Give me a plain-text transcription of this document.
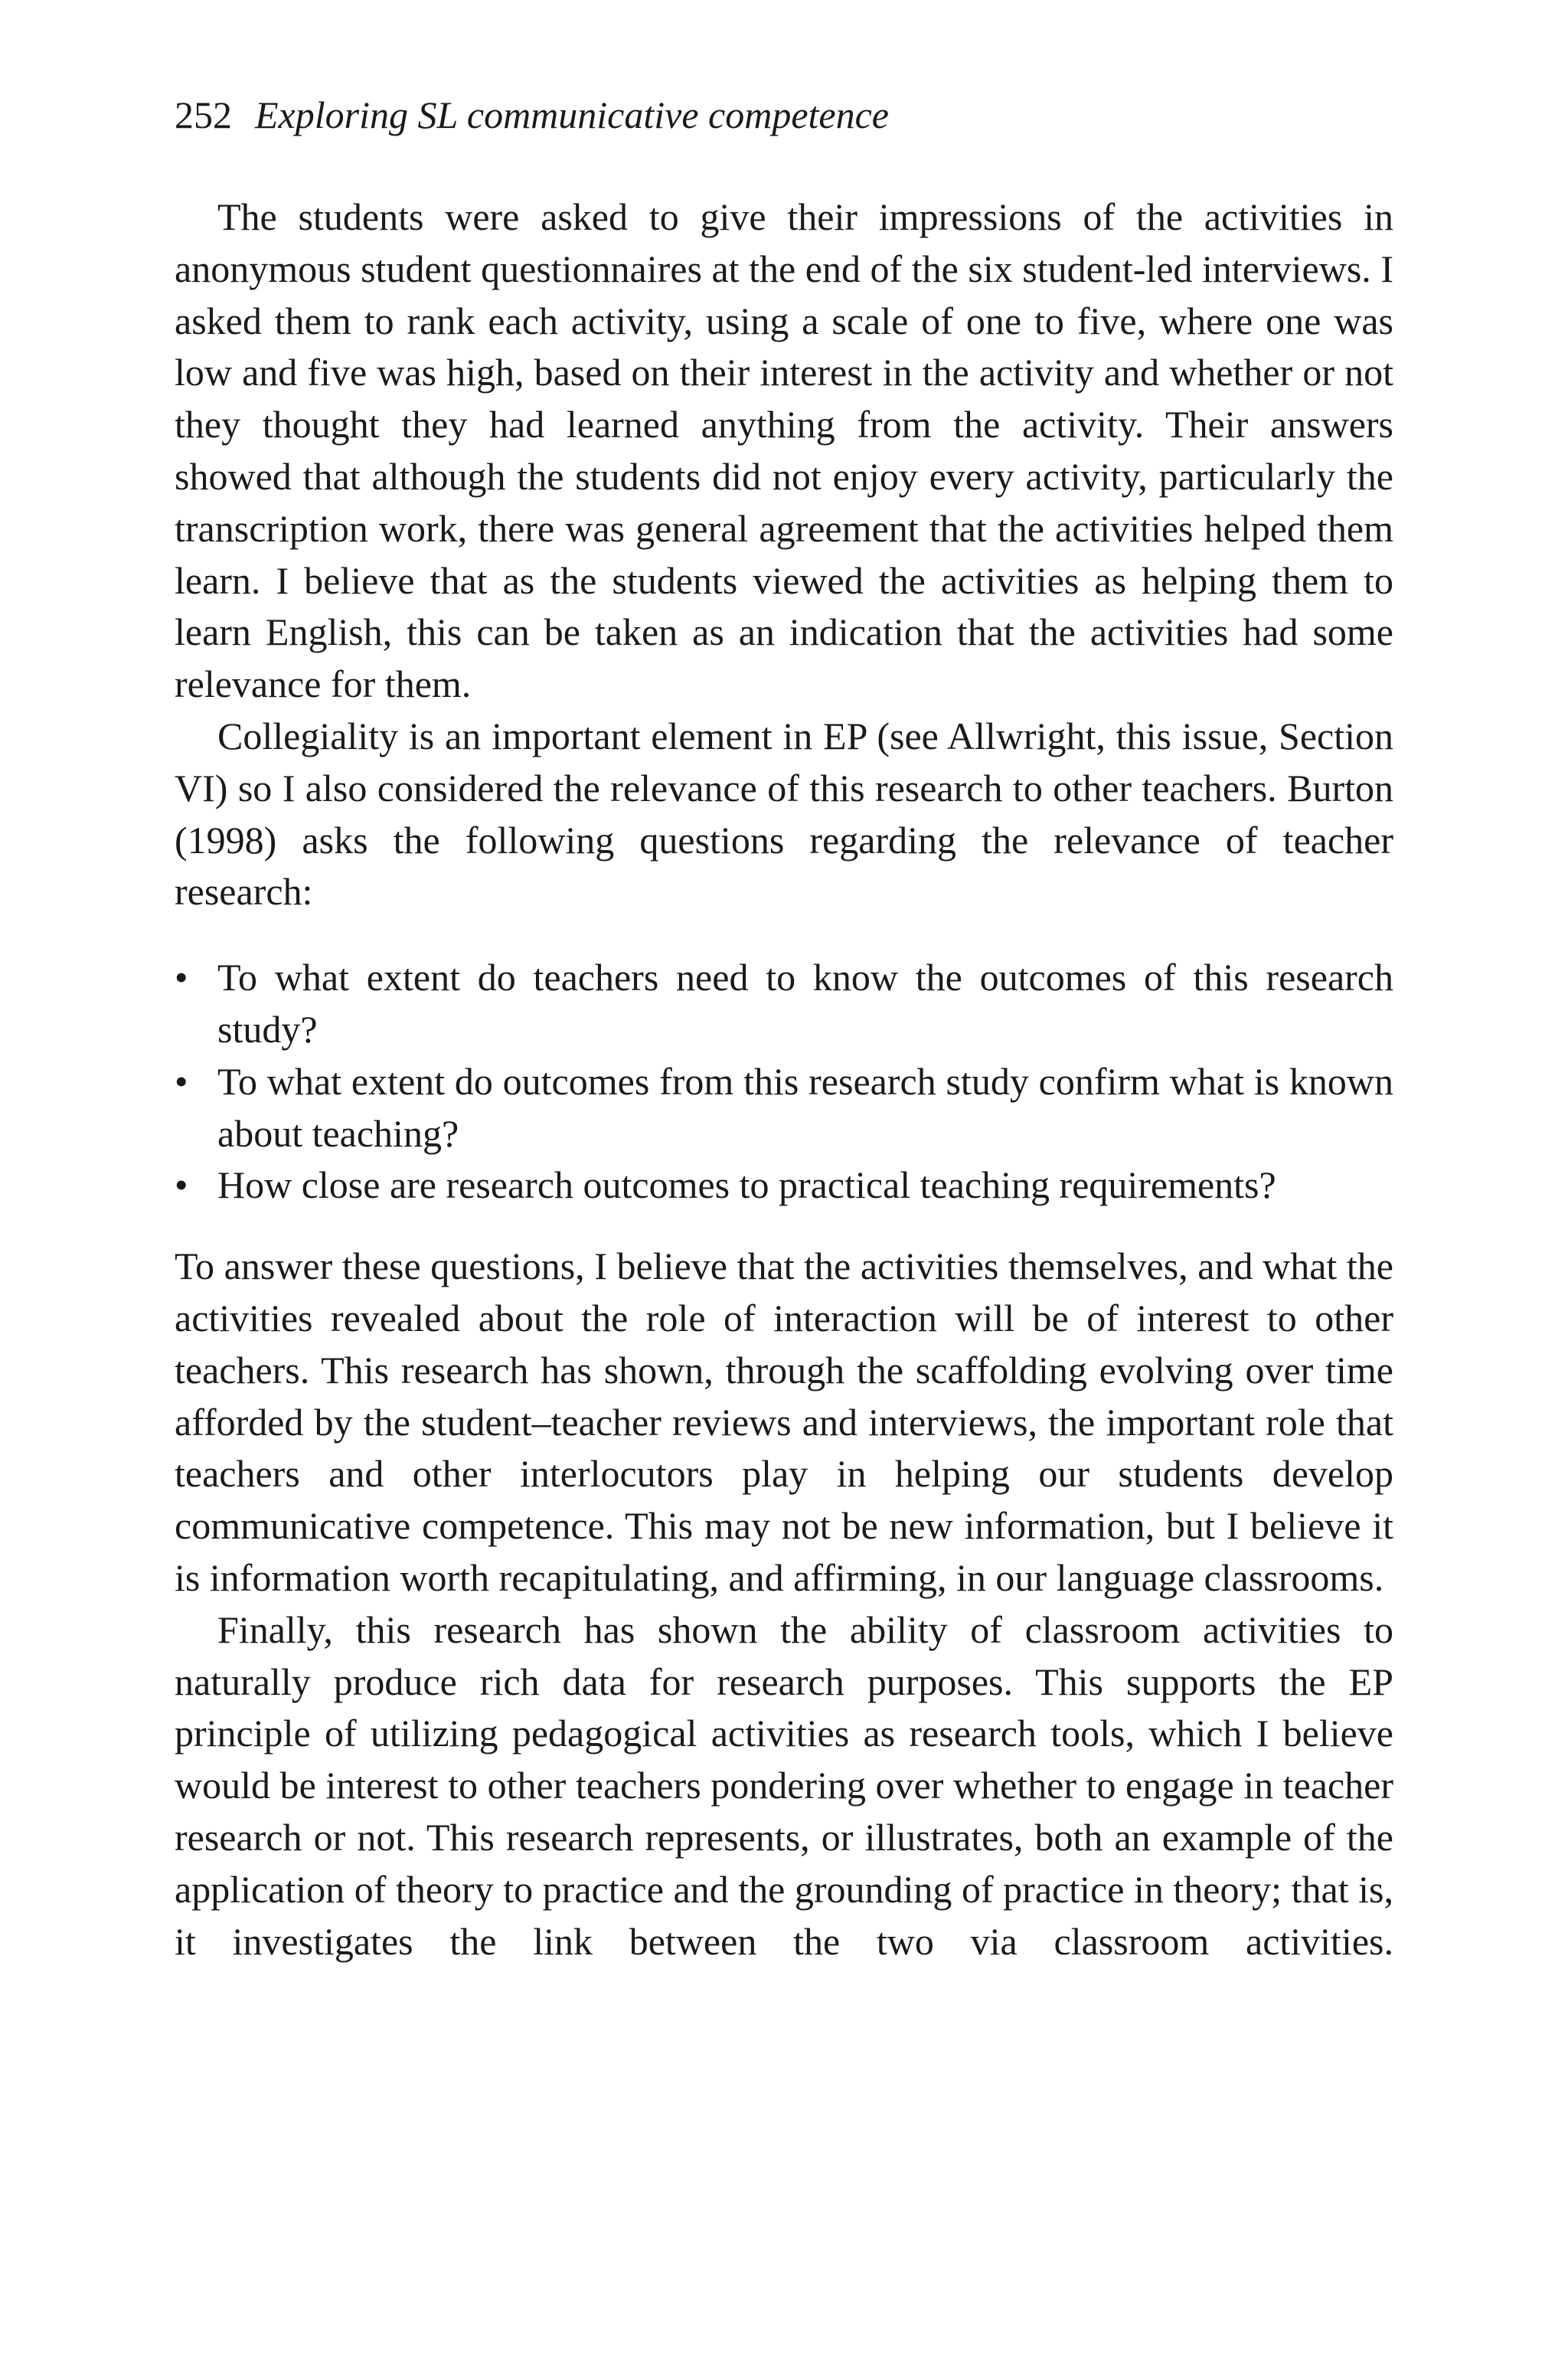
252 Exploring SL communicative competence

The students were asked to give their impressions of the activities in anonymous student questionnaires at the end of the six student-led interviews. I asked them to rank each activity, using a scale of one to five, where one was low and five was high, based on their interest in the activity and whether or not they thought they had learned anything from the activity. Their answers showed that although the students did not enjoy every activity, particularly the transcription work, there was general agreement that the activities helped them learn. I believe that as the students viewed the activities as helping them to learn English, this can be taken as an indication that the activities had some relevance for them.

Collegiality is an important element in EP (see Allwright, this issue, Section VI) so I also considered the relevance of this research to other teachers. Burton (1998) asks the following questions regarding the relevance of teacher research:

• To what extent do teachers need to know the outcomes of this research study?
• To what extent do outcomes from this research study confirm what is known about teaching?
• How close are research outcomes to practical teaching requirements?

To answer these questions, I believe that the activities themselves, and what the activities revealed about the role of interaction will be of interest to other teachers. This research has shown, through the scaffolding evolving over time afforded by the student–teacher reviews and interviews, the important role that teachers and other interlocutors play in helping our students develop communicative competence. This may not be new information, but I believe it is information worth recapitulating, and affirming, in our language classrooms.

Finally, this research has shown the ability of classroom activities to naturally produce rich data for research purposes. This supports the EP principle of utilizing pedagogical activities as research tools, which I believe would be interest to other teachers pondering over whether to engage in teacher research or not. This research represents, or illustrates, both an example of the application of theory to practice and the grounding of practice in theory; that is, it investigates the link between the two via classroom activities.
